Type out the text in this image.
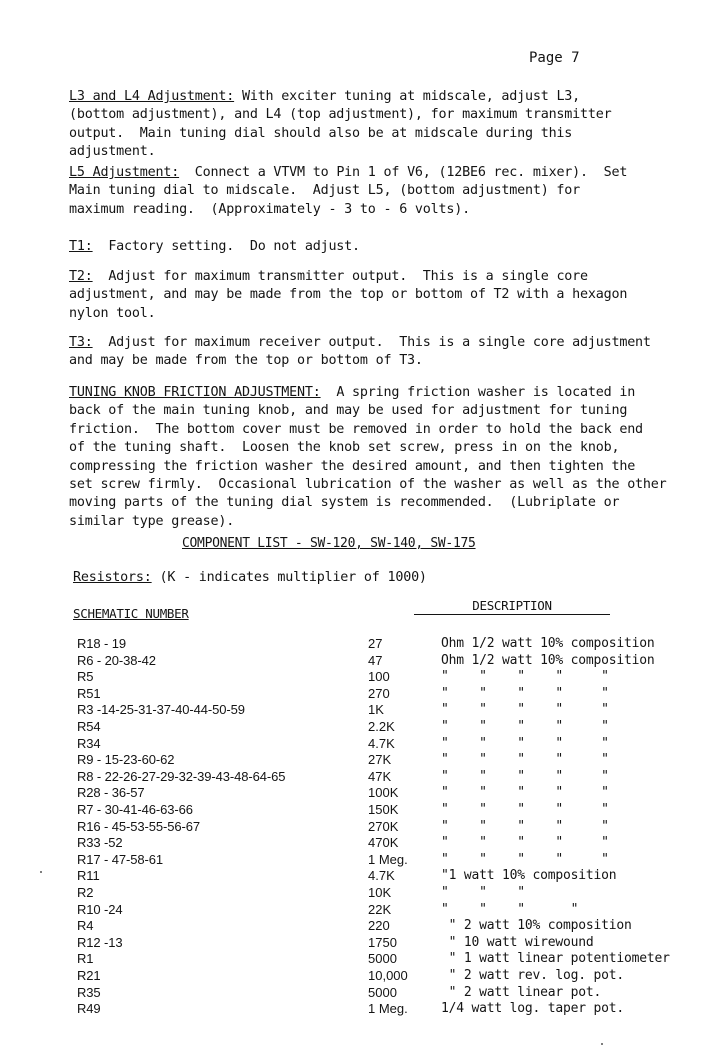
Page 7

L3 and L4 Adjustment: With exciter tuning at midscale, adjust L3,

(bottom adjustment), and L4 (top adjustment), for maximum transmitter

output.  Main tuning dial should also be at midscale during this

adjustment.

L5 Adjustment:  Connect a VTVM to Pin 1 of V6, (12BE6 rec. mixer).  Set

Main tuning dial to midscale.  Adjust L5, (bottom adjustment) for

maximum reading.  (Approximately - 3 to - 6 volts).

T1:  Factory setting.  Do not adjust.

T2:  Adjust for maximum transmitter output.  This is a single core

adjustment, and may be made from the top or bottom of T2 with a hexagon

nylon tool.

T3:  Adjust for maximum receiver output.  This is a single core adjustment

and may be made from the top or bottom of T3.

TUNING KNOB FRICTION ADJUSTMENT:  A spring friction washer is located in

back of the main tuning knob, and may be used for adjustment for tuning

friction.  The bottom cover must be removed in order to hold the back end

of the tuning shaft.  Loosen the knob set screw, press in on the knob,

compressing the friction washer the desired amount, and then tighten the

set screw firmly.  Occasional lubrication of the washer as well as the other

moving parts of the tuning dial system is recommended.  (Lubriplate or

similar type grease).

COMPONENT LIST - SW-120, SW-140, SW-175
Resistors: (K - indicates multiplier of 1000)
SCHEMATIC NUMBER
DESCRIPTION
R18 - 19	27	Ohm 1/2 watt 10% composition
R6 - 20-38-42	47	Ohm 1/2 watt 10% composition
R5	100	"    "    "    "     "
R51	270	"    "    "    "     "
R3 -14-25-31-37-40-44-50-59	1K	"    "    "    "     "
R54	2.2K	"    "    "    "     "
R34	4.7K	"    "    "    "     "
R9 - 15-23-60-62	27K	"    "    "    "     "
R8 - 22-26-27-29-32-39-43-48-64-65	47K	"    "    "    "     "
R28 - 36-57	100K	"    "    "    "     "
R7 - 30-41-46-63-66	150K	"    "    "    "     "
R16 - 45-53-55-56-67	270K	"    "    "    "     "
R33 -52	470K	"    "    "    "     "
R17 - 47-58-61	1 Meg.	"    "    "    "     "
R11	4.7K	"1 watt 10% composition
R2	10K	"    "    "
R10 -24	22K	"    "    "      "
R4	220	" 2 watt 10% composition
R12 -13	1750	" 10 watt wirewound
R1	5000	" 1 watt linear potentiometer
R21	10,000	" 2 watt rev. log. pot.
R35	5000	" 2 watt linear pot.
R49	1 Meg.	1/4 watt log. taper pot.
